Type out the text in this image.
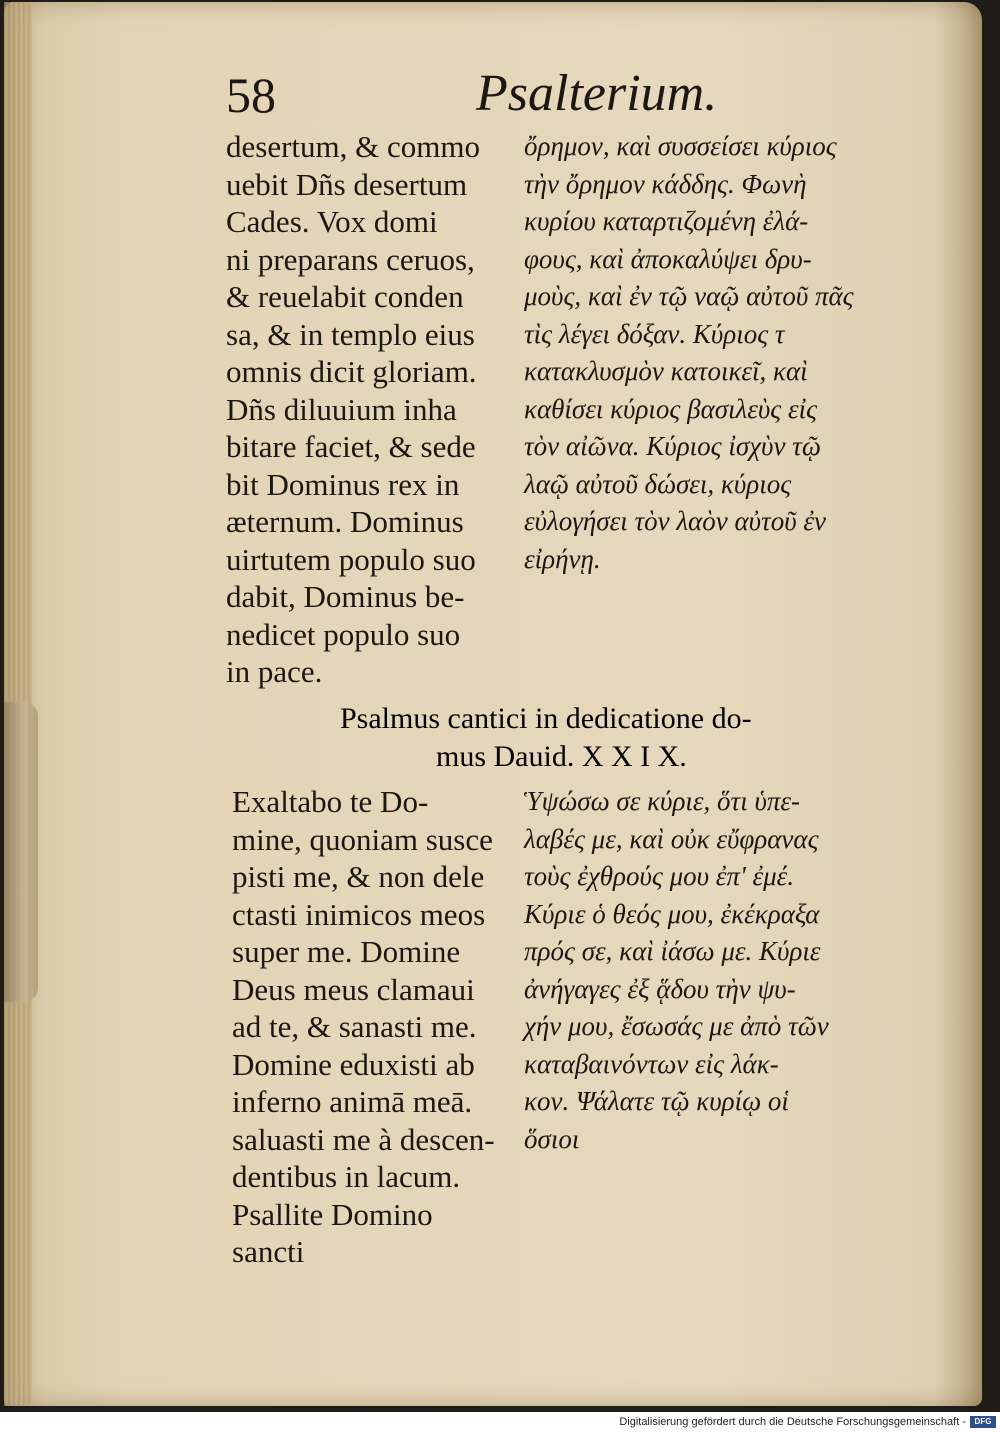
58	Psalterium.
desertum, & commo
uebit Dñs desertum
Cades. Vox domi
ni preparans ceruos,
& reuelabit conden
sa, & in templo eius
omnis dicit gloriam.
Dñs diluuium inha
bitare faciet, & sede
bit Dominus rex in
æternum. Dominus
uirtutem populo suo
dabit, Dominus be-
nedicet populo suo
in pace.
ὄρημον, καὶ συσσείσει κύριος
τὴν ὄρημον κάδδης. Φωνὴ
κυρίου καταρτιζομένη ἐλά-
φους, καὶ ἀποκαλύψει δρυ-
μοὺς, καὶ ἐν τῷ ναῷ αὐτοῦ πᾶς
τὶς λέγει δόξαν. Κύριος τ
κατακλυσμὸν κατοικεῖ, καὶ
καθίσει κύριος βασιλεὺς εἰς
τὸν αἰῶνα. Κύριος ἰσχὺν τῷ
λαῷ αὐτοῦ δώσει, κύριος
εὐλογήσει τὸν λαὸν αὐτοῦ ἐν
εἰρήνῃ.
Psalmus cantici in dedicatione do-
mus Dauid. X X I X.
Exaltabo te Do-
mine, quoniam susce
pisti me, & non dele
ctasti inimicos meos
super me. Domine
Deus meus clamaui
ad te, & sanasti me.
Domine eduxisti ab
inferno animā meā.
saluasti me à descen-
dentibus in lacum.
Psallite Domino
sancti
Ὑψώσω σε κύριε, ὅτι ὑπε-
λαβές με, καὶ οὐκ εὔφρανας
τοὺς ἐχθρούς μου ἐπ' ἐμέ.
Κύριε ὁ θεός μου, ἐκέκραξα
πρός σε, καὶ ἰάσω με. Κύριε
ἀνήγαγες ἐξ ᾅδου τὴν ψυ-
χήν μου, ἔσωσάς με ἀπὸ τῶν
καταβαινόντων εἰς λάκ-
κον. Ψάλατε τῷ κυρίῳ οἱ
ὅσιοι
Digitalisierung gefördert durch die Deutsche Forschungsgemeinschaft -	DFG
